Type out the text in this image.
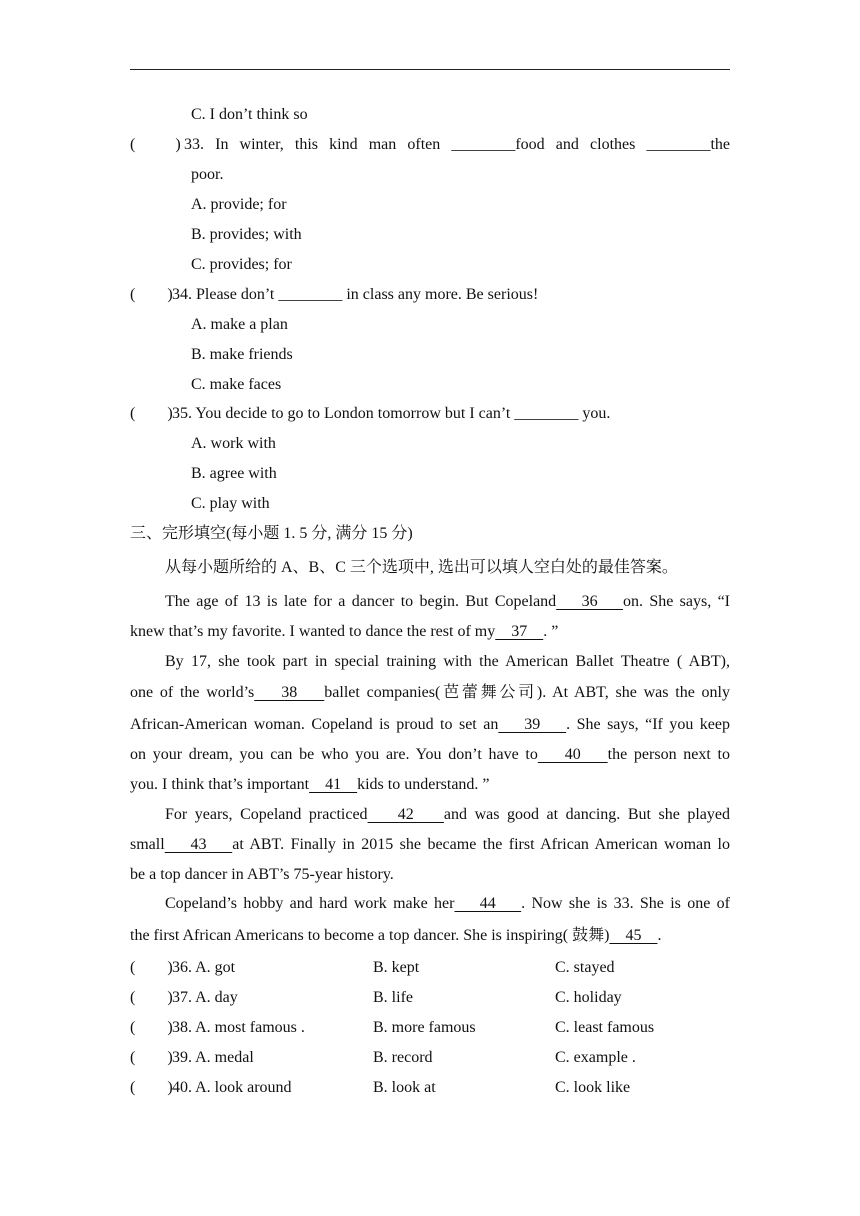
C. I don’t think so
(          ) 33. In winter, this kind man often ________food and clothes ________the
poor.
A. provide; for
B. provides; with
C. provides; for
(        ) 34. Please don’t ________ in class any more. Be serious!
A. make a plan
B. make friends
C. make faces
(        ) 35. You decide to go to London tomorrow but I can’t ________ you.
A. work with
B. agree with
C. play with
三、完形填空(每小题 1. 5 分, 满分 15 分)
从每小题所给的 A、B、C 三个选项中, 选出可以填人空白处的最佳答案。
The age of 13 is late for a dancer to begin. But Copeland    36    on. She says, “I
knew that’s my favorite. I wanted to dance the rest of my    37    . ”
By 17, she took part in special training with the American Ballet Theatre ( ABT),
one of the world’s    38    ballet companies(芭蕾舞公司). At ABT, she was the only
African-American woman. Copeland is proud to set an    39    . She says, “If you keep
on your dream, you can be who you are. You don’t have to    40    the person next to
you. I think that’s important    41    kids to understand. ”
For years, Copeland practiced    42    and was good at dancing. But she played
small    43    at ABT. Finally in 2015 she became the first African American woman lo
be a top dancer in ABT’s 75-year history.
Copeland’s hobby and hard work make her    44    . Now she is 33. She is one of
the first African Americans to become a top dancer. She is inspiring( 鼓舞)    45    .
(        ) 36. A. got	B. kept	C. stayed
(        ) 37. A. day	B. life	C. holiday
(        ) 38. A. most famous .	B. more famous	C. least famous
(        ) 39. A. medal	B. record	C. example .
(        ) 40. A. look around	B. look at	C. look like
